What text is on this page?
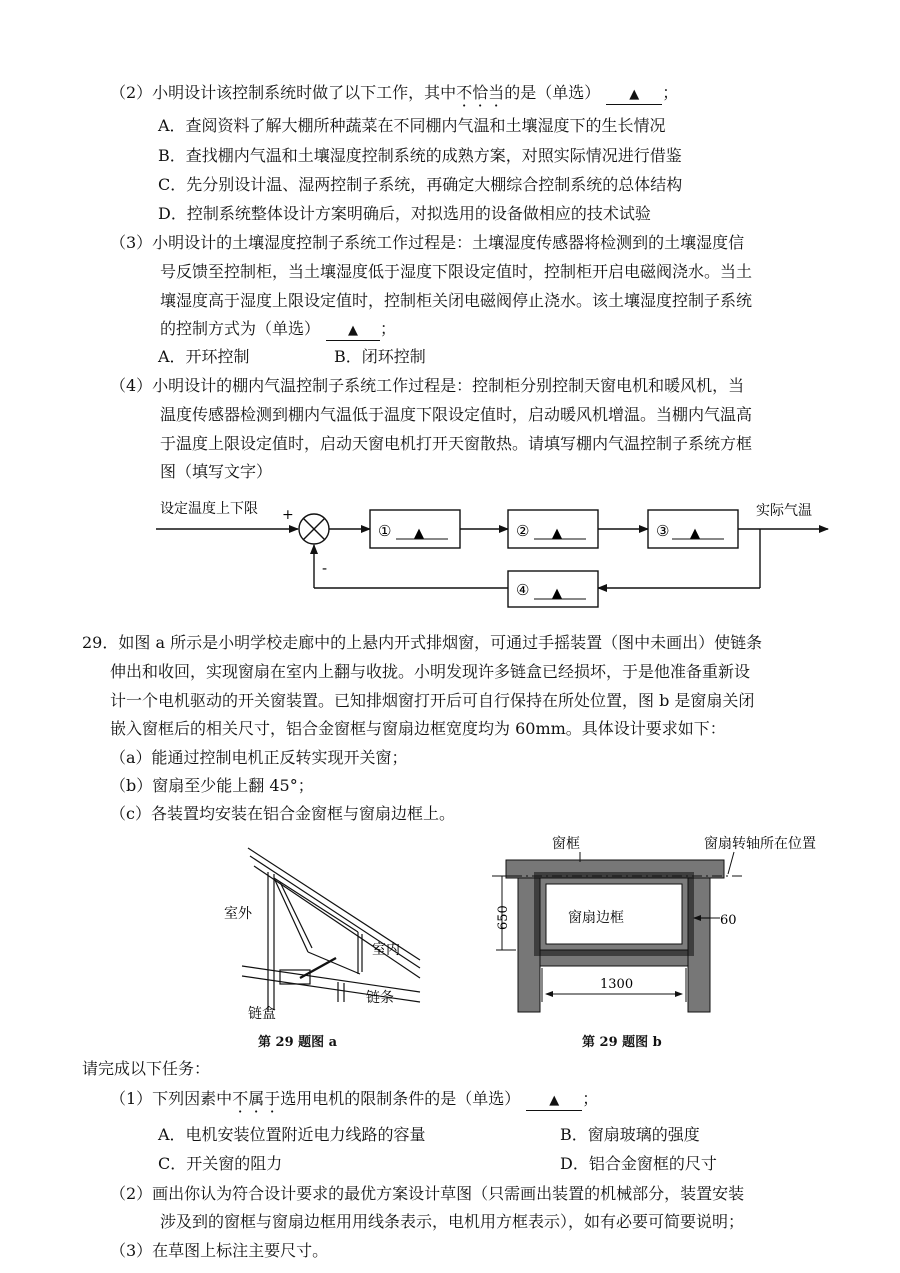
（2）小明设计该控制系统时做了以下工作，其中不恰当的是（单选） ▲ ；
A．查阅资料了解大棚所种蔬菜在不同棚内气温和土壤湿度下的生长情况
B．查找棚内气温和土壤湿度控制系统的成熟方案，对照实际情况进行借鉴
C．先分别设计温、湿两控制子系统，再确定大棚综合控制系统的总体结构
D．控制系统整体设计方案明确后，对拟选用的设备做相应的技术试验
（3）小明设计的土壤湿度控制子系统工作过程是：土壤湿度传感器将检测到的土壤湿度信
号反馈至控制柜，当土壤湿度低于湿度下限设定值时，控制柜开启电磁阀浇水。当土
壤湿度高于湿度上限设定值时，控制柜关闭电磁阀停止浇水。该土壤湿度控制子系统
的控制方式为（单选） ▲ ；
A．开环控制	B．闭环控制
（4）小明设计的棚内气温控制子系统工作过程是：控制柜分别控制天窗电机和暖风机，当
温度传感器检测到棚内气温低于温度下限设定值时，启动暖风机增温。当棚内气温高
于温度上限设定值时，启动天窗电机打开天窗散热。请填写棚内气温控制子系统方框
图（填写文字）
设定温度上下限 +
① ▲	② ▲	③ ▲
实际气温
④ ▲
-
29．如图 a 所示是小明学校走廊中的上悬内开式排烟窗，可通过手摇装置（图中未画出）使链条
伸出和收回，实现窗扇在室内上翻与收拢。小明发现许多链盒已经损坏，于是他准备重新设
计一个电机驱动的开关窗装置。已知排烟窗打开后可自行保持在所处位置，图 b 是窗扇关闭
嵌入窗框后的相关尺寸，铝合金窗框与窗扇边框宽度均为 60mm。具体设计要求如下：
（a）能通过控制电机正反转实现开关窗；
（b）窗扇至少能上翻 45°；
（c）各装置均安装在铝合金窗框与窗扇边框上。
室外
室内
链盒
链条
第 29 题图 a
窗框	窗扇转轴所在位置
窗扇边框
650	60
1300
第 29 题图 b
请完成以下任务：
（1）下列因素中不属于选用电机的限制条件的是（单选） ▲ ；
A．电机安装位置附近电力线路的容量	B．窗扇玻璃的强度
C．开关窗的阻力	D．铝合金窗框的尺寸
（2）画出你认为符合设计要求的最优方案设计草图（只需画出装置的机械部分，装置安装
涉及到的窗框与窗扇边框用用线条表示，电机用方框表示），如有必要可简要说明；
（3）在草图上标注主要尺寸。
